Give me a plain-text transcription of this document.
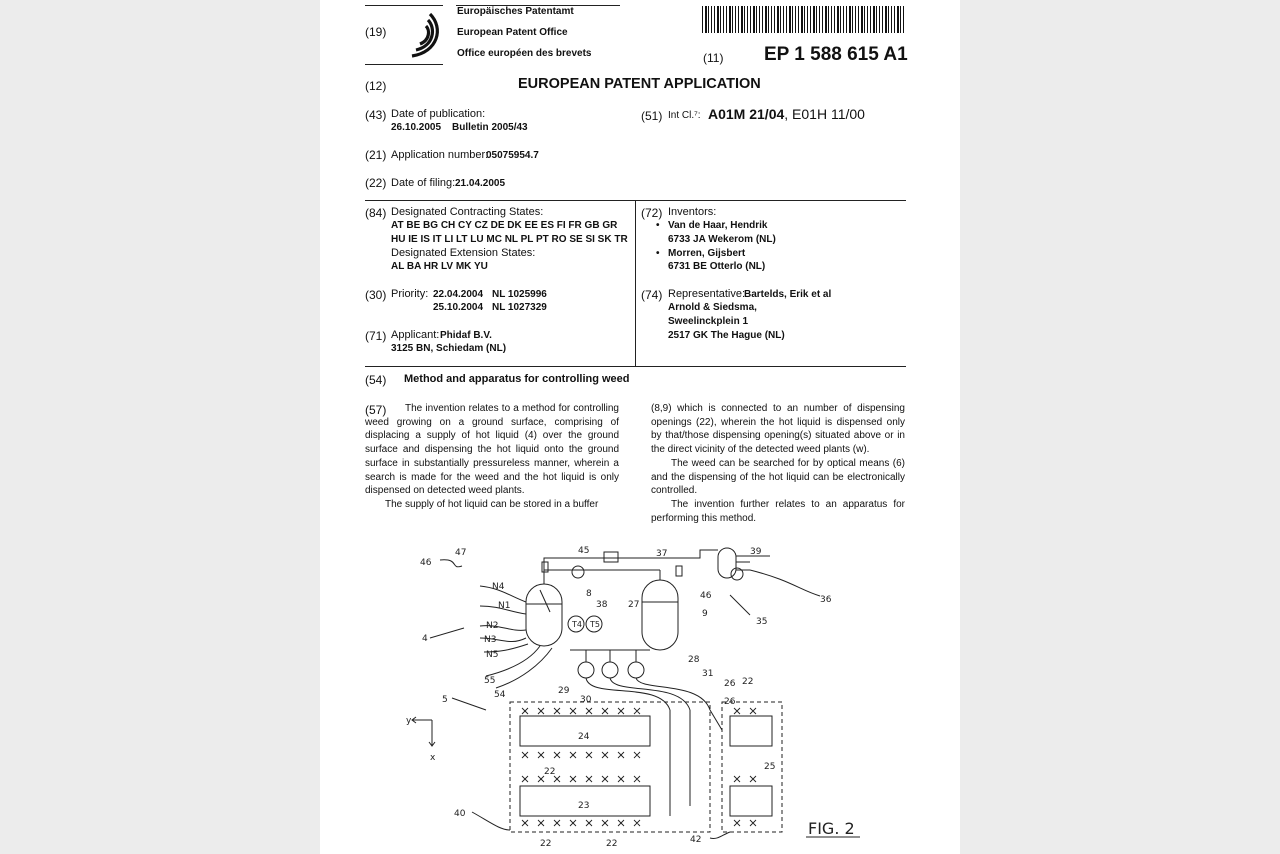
(19)
Europäisches Patentamt
European Patent Office
Office européen des brevets	(11) EP 1 588 615 A1
(12)	EUROPEAN PATENT APPLICATION
(43) Date of publication:
26.10.2005 Bulletin 2005/43
(51) Int Cl.⁷: A01M 21/04, E01H 11/00
(21) Application number:
05075954.7
(22) Date of filing: 21.04.2005
(84) Designated Contracting States:
AT BE BG CH CY CZ DE DK EE ES FI FR GB GR
HU IE IS IT LI LT LU MC NL PL PT RO SE SI SK TR
Designated Extension States:
AL BA HR LV MK YU
(72) Inventors:
• Van de Haar, Hendrik
6733 JA Wekerom (NL)
• Morren, Gijsbert
6731 BE Otterlo (NL)
(30) Priority: 22.04.2004 NL 1025996
25.10.2004 NL 1027329
(74) Representative:
Bartelds, Erik et al
Arnold & Siedsma,
Sweelinckplein 1
2517 GK The Hague (NL)
(71) Applicant: Phidaf B.V.
3125 BN, Schiedam (NL)
(54) Method and apparatus for controlling weed
(57)	The invention relates to a method for controlling weed growing on a ground surface, comprising of displacing a supply of hot liquid (4) over the ground surface and dispensing the hot liquid onto the ground surface in substantially pressureless manner, wherein a search is made for the weed and the hot liquid is only dispensed on detected weed plants.

The supply of hot liquid can be stored in a buffer

(8,9) which is connected to an number of dispensing openings (22), wherein the hot liquid is dispensed only by that/those dispensing opening(s) situated above or in the direct vicinity of the detected weed plants (w).

The weed can be searched for by optical means (6) and the dispensing of the hot liquid can be electronically controlled.

The invention further relates to an apparatus for performing this method.

46
47	45	37	39
N4
8	46
N1	38 27
9
35
36
N2
N3
N5
4
T4 T5
28
31
55
54	29
30
26
26
5
22
y
x
24
22	25
23
40
42
22	22
FIG. 2
